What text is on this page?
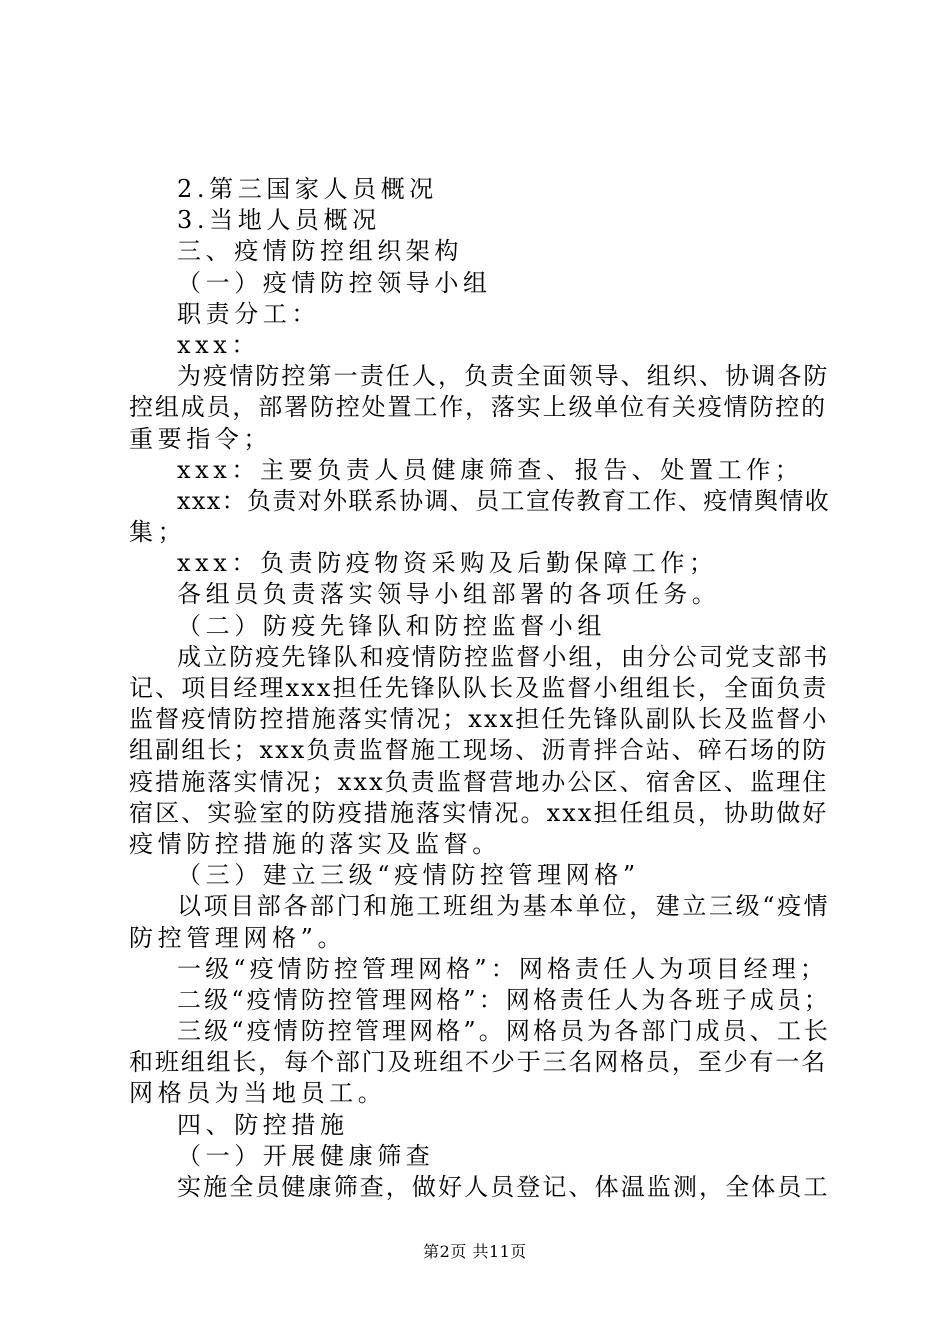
2.第三国家人员概况
3.当地人员概况
三、疫情防控组织架构
（一）疫情防控领导小组
职责分工：
xxx：
为疫情防控第一责任人，负责全面领导、组织、协调各防
控组成员，部署防控处置工作，落实上级单位有关疫情防控的
重要指令；
xxx：主要负责人员健康筛查、报告、处置工作；
xxx：负责对外联系协调、员工宣传教育工作、疫情舆情收
集；
xxx：负责防疫物资采购及后勤保障工作；
各组员负责落实领导小组部署的各项任务。
（二）防疫先锋队和防控监督小组
成立防疫先锋队和疫情防控监督小组，由分公司党支部书
记、项目经理xxx担任先锋队队长及监督小组组长，全面负责
监督疫情防控措施落实情况；xxx担任先锋队副队长及监督小
组副组长；xxx负责监督施工现场、沥青拌合站、碎石场的防
疫措施落实情况；xxx负责监督营地办公区、宿舍区、监理住
宿区、实验室的防疫措施落实情况。xxx担任组员，协助做好
疫情防控措施的落实及监督。
（三）建立三级“疫情防控管理网格”
以项目部各部门和施工班组为基本单位，建立三级“疫情
防控管理网格”。
一级“疫情防控管理网格”：网格责任人为项目经理；
二级“疫情防控管理网格”：网格责任人为各班子成员；
三级“疫情防控管理网格”。网格员为各部门成员、工长
和班组组长，每个部门及班组不少于三名网格员，至少有一名
网格员为当地员工。
四、防控措施
（一）开展健康筛查
实施全员健康筛查，做好人员登记、体温监测，全体员工
第2页 共11页
